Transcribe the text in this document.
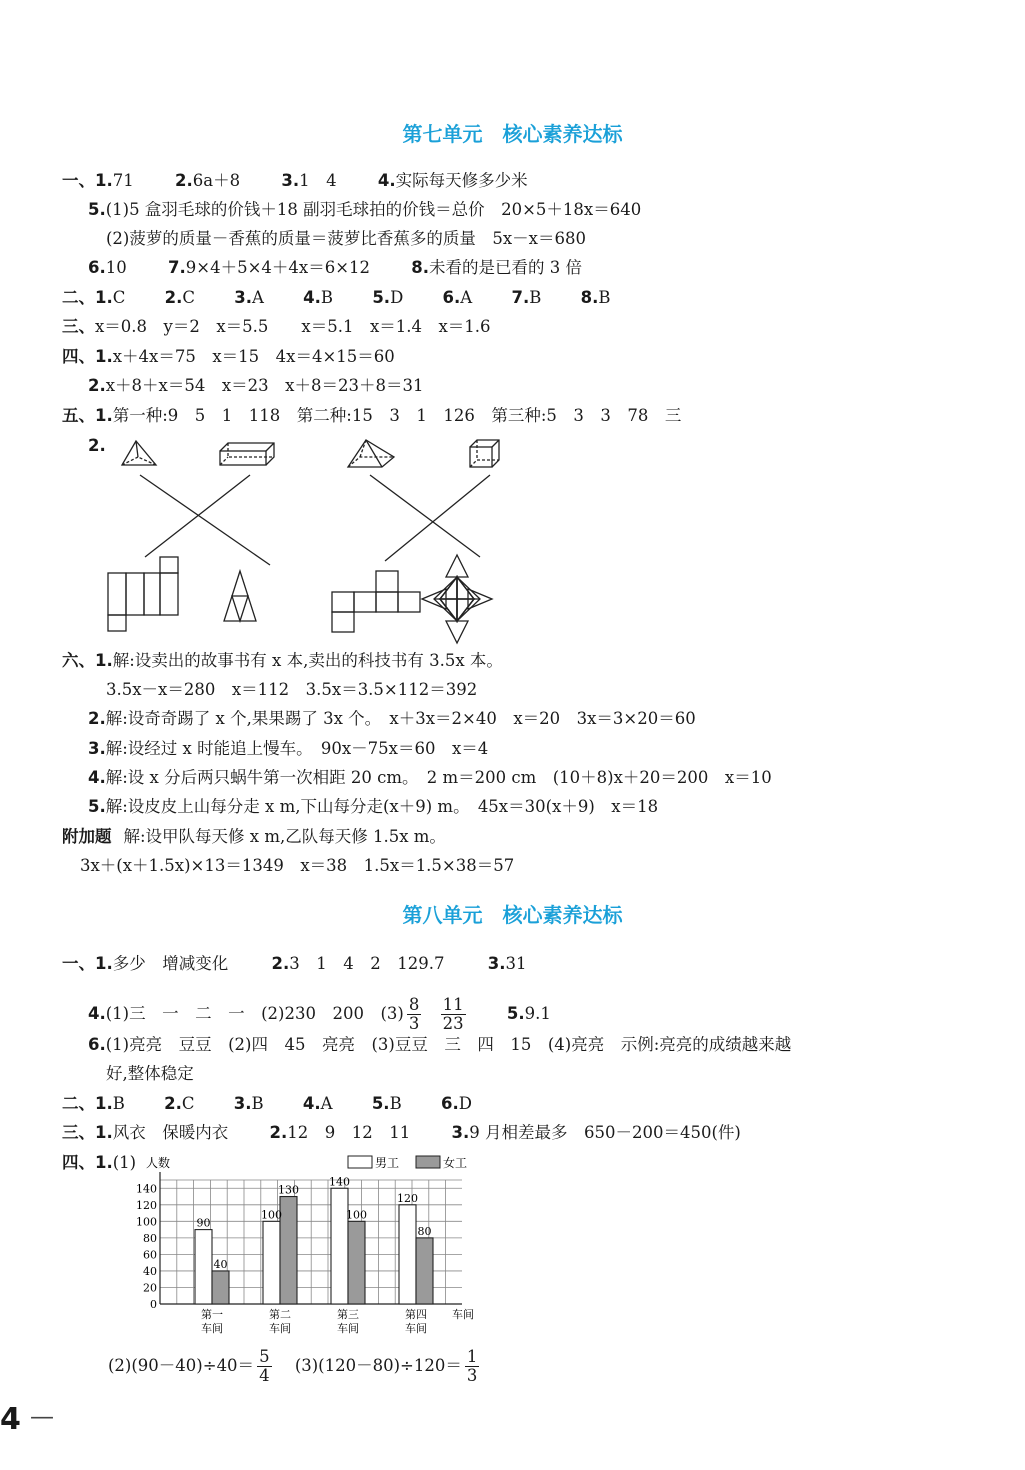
第七单元　核心素养达标
一、1.71	2.6a＋8	3.1　4	4.实际每天修多少米
5.(1)5 盒羽毛球的价钱＋18 副羽毛球拍的价钱＝总价　20×5＋18x＝640
(2)菠萝的质量－香蕉的质量＝菠萝比香蕉多的质量　5x－x＝680
6.10	7.9×4＋5×4＋4x＝6×12	8.未看的是已看的 3 倍
二、1.C 2.C 3.A 4.B 5.D 6.A 7.B 8.B
三、x＝0.8　y＝2　x＝5.5　　x＝5.1　x＝1.4　x＝1.6
四、1.x＋4x＝75　x＝15　4x＝4×15＝60
2.x＋8＋x＝54　x＝23　x＋8＝23＋8＝31
五、1.第一种:9　5　1　118　第二种:15　3　1　126　第三种:5　3　3　78　三
2.
六、1.解:设卖出的故事书有 x 本,卖出的科技书有 3.5x 本。
3.5x－x＝280　x＝112　3.5x＝3.5×112＝392
2.解:设奇奇踢了 x 个,果果踢了 3x 个。　x＋3x＝2×40　x＝20　3x＝3×20＝60
3.解:设经过 x 时能追上慢车。　90x－75x＝60　x＝4
4.解:设 x 分后两只蜗牛第一次相距 20 cm。　2 m＝200 cm　(10＋8)x＋20＝200　x＝10
5.解:设皮皮上山每分走 x m,下山每分走(x＋9) m。　45x＝30(x＋9)　x＝18
附加题 解:设甲队每天修 x m,乙队每天修 1.5x m。
3x＋(x＋1.5x)×13＝1349　x＝38　1.5x＝1.5×38＝57
第八单元　核心素养达标
一、1.多少　增减变化	2.3　1　4　2　129.7	3.31
4.(1)三　一　二　一　(2)230　200　$(3) \frac{8}{3}$
$\frac{11}{23}$	5.9.1
6.(1)亮亮　豆豆　(2)四　45　亮亮　(3)豆豆　三　四　15　(4)亮亮　示例:亮亮的成绩越来越
好,整体稳定
二、1.B 2.C 3.B 4.A 5.B 6.D
三、1.风衣　保暖内衣	2.12　9　12　11	3.9 月相差最多　650－200＝450(件)
四、1.(1) 人数	男工	女工
0
20
40
60
80
100
120
140
90
40
第一
车间
100
130
第二
车间
140
100
第三
车间
120
80
第四
车间
车间
$(2)(90-40)\div 40= \frac{5}{4} (3)(120-80)\div 120= \frac{1}{3}$
4 —
